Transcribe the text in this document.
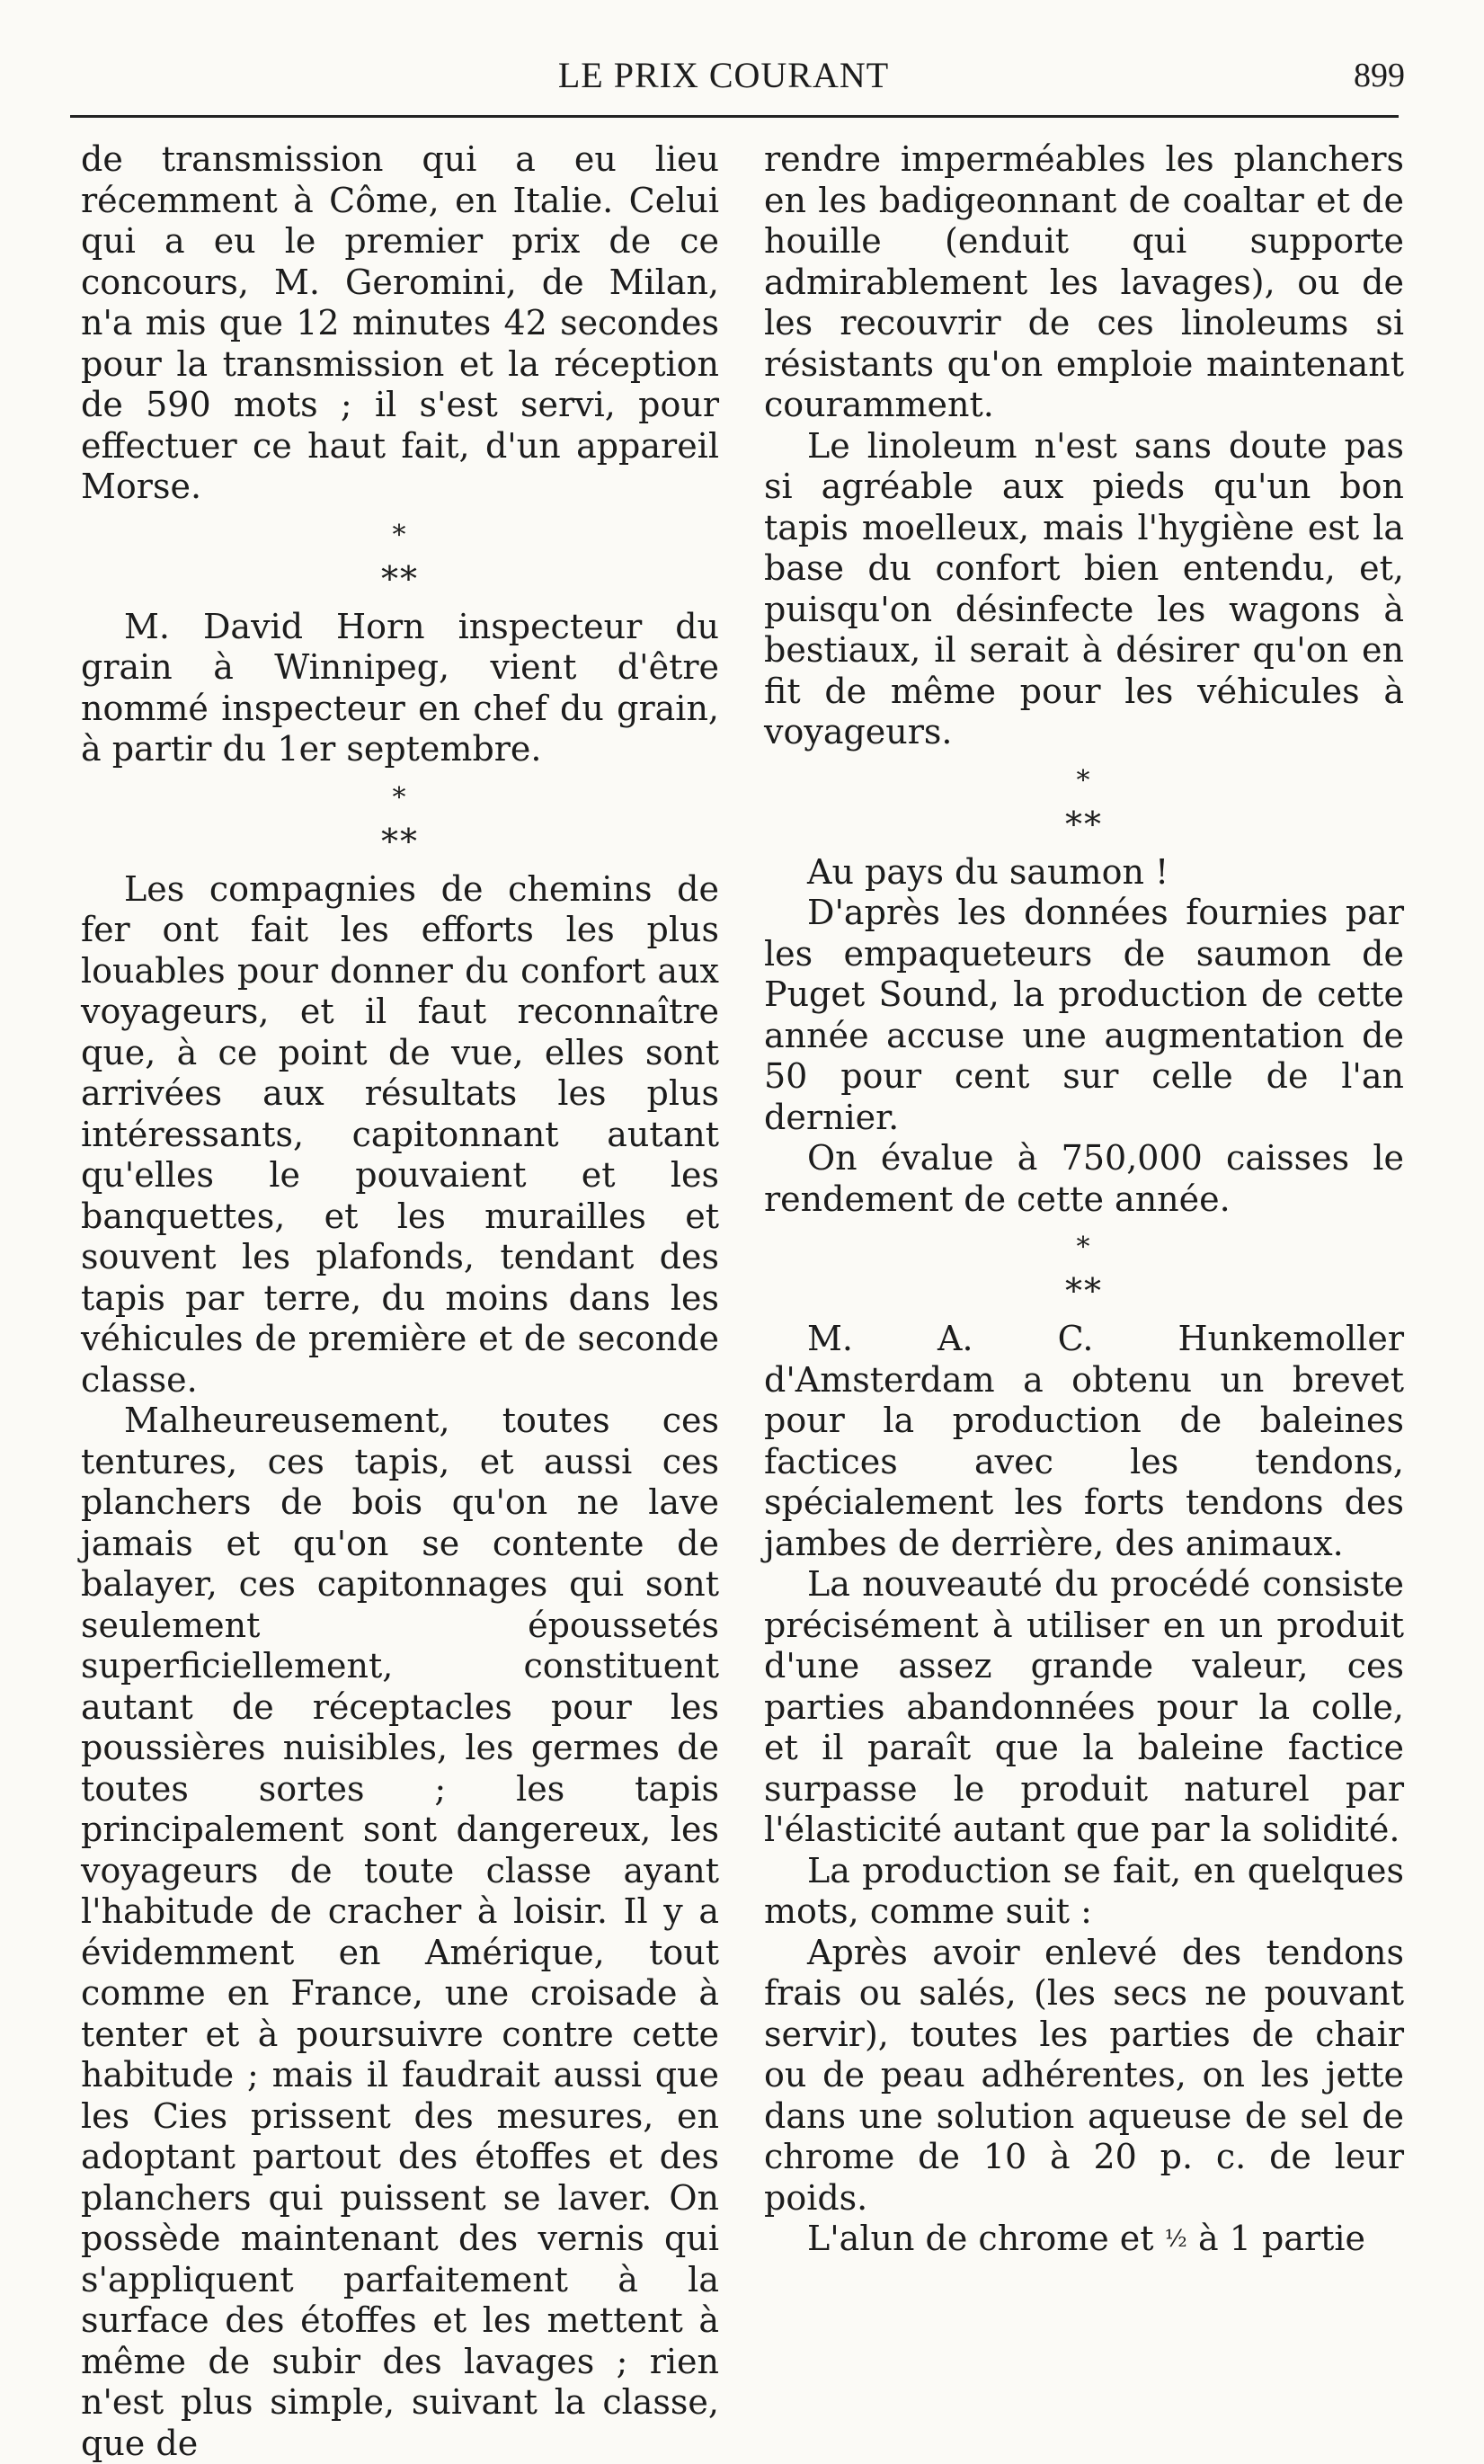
LE PRIX COURANT	899

de transmission qui a eu lieu récemment à Côme, en Italie. Celui qui a eu le premier prix de ce concours, M. Geromini, de Milan, n'a mis que 12 minutes 42 secondes pour la transmission et la réception de 590 mots ; il s'est servi, pour effectuer ce haut fait, d'un appareil Morse.

*
**

M. David Horn inspecteur du grain à Winnipeg, vient d'être nommé inspecteur en chef du grain, à partir du 1er septembre.

*
**

Les compagnies de chemins de fer ont fait les efforts les plus louables pour donner du confort aux voyageurs, et il faut reconnaître que, à ce point de vue, elles sont arrivées aux résultats les plus intéressants, capitonnant autant qu'elles le pouvaient et les banquettes, et les murailles et souvent les plafonds, tendant des tapis par terre, du moins dans les véhicules de première et de seconde classe.

Malheureusement, toutes ces tentures, ces tapis, et aussi ces planchers de bois qu'on ne lave jamais et qu'on se contente de balayer, ces capitonnages qui sont seulement époussetés superficiellement, constituent autant de réceptacles pour les poussières nuisibles, les germes de toutes sortes ; les tapis principalement sont dangereux, les voyageurs de toute classe ayant l'habitude de cracher à loisir. Il y a évidemment en Amérique, tout comme en France, une croisade à tenter et à poursuivre contre cette habitude ; mais il faudrait aussi que les Cies prissent des mesures, en adoptant partout des étoffes et des planchers qui puissent se laver. On possède maintenant des vernis qui s'appliquent parfaitement à la surface des étoffes et les mettent à même de subir des lavages ; rien n'est plus simple, suivant la classe, que de

rendre imperméables les planchers en les badigeonnant de coaltar et de houille (enduit qui supporte admirablement les lavages), ou de les recouvrir de ces linoleums si résistants qu'on emploie maintenant couramment.

Le linoleum n'est sans doute pas si agréable aux pieds qu'un bon tapis moelleux, mais l'hygiène est la base du confort bien entendu, et, puisqu'on désinfecte les wagons à bestiaux, il serait à désirer qu'on en fit de même pour les véhicules à voyageurs.

*
**

Au pays du saumon !

D'après les données fournies par les empaqueteurs de saumon de Puget Sound, la production de cette année accuse une augmentation de 50 pour cent sur celle de l'an dernier.

On évalue à 750,000 caisses le rendement de cette année.

*
**

M. A. C. Hunkemoller d'Amsterdam a obtenu un brevet pour la production de baleines factices avec les tendons, spécialement les forts tendons des jambes de derrière, des animaux.

La nouveauté du procédé consiste précisément à utiliser en un produit d'une assez grande valeur, ces parties abandonnées pour la colle, et il paraît que la baleine factice surpasse le produit naturel par l'élasticité autant que par la solidité.

La production se fait, en quelques mots, comme suit :

Après avoir enlevé des tendons frais ou salés, (les secs ne pouvant servir), toutes les parties de chair ou de peau adhérentes, on les jette dans une solution aqueuse de sel de chrome de 10 à 20 p. c. de leur poids.

L'alun de chrome et ½ à 1 partie
